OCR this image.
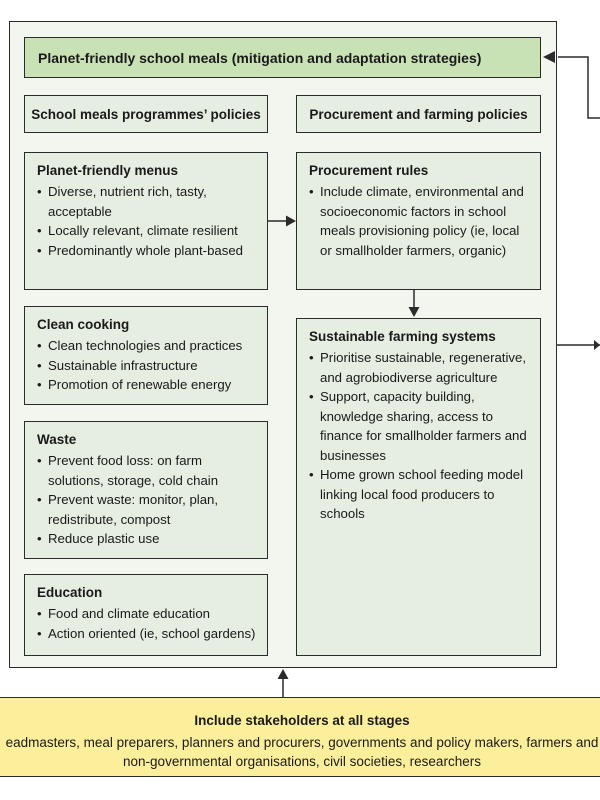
Planet-friendly school meals (mitigation and adaptation strategies)
School meals programmes’ policies	Procurement and farming policies
Planet-friendly menus
• Diverse, nutrient rich, tasty, acceptable
• Locally relevant, climate resilient
• Predominantly whole plant-based
Clean cooking
• Clean technologies and practices
• Sustainable infrastructure
• Promotion of renewable energy
Waste
• Prevent food loss: on farm solutions, storage, cold chain
• Prevent waste: monitor, plan, redistribute, compost
• Reduce plastic use
Education
• Food and climate education
• Action oriented (ie, school gardens)
Procurement rules
• Include climate, environmental and socioeconomic factors in school meals provisioning policy (ie, local or smallholder farmers, organic)
Sustainable farming systems
• Prioritise sustainable, regenerative, and agrobiodiverse agriculture
• Support, capacity building, knowledge sharing, access to finance for smallholder farmers and businesses
• Home grown school feeding model linking local food producers to schools
Include stakeholders at all stages
eadmasters, meal preparers, planners and procurers, governments and policy makers, farmers and
non-governmental organisations, civil societies, researchers
